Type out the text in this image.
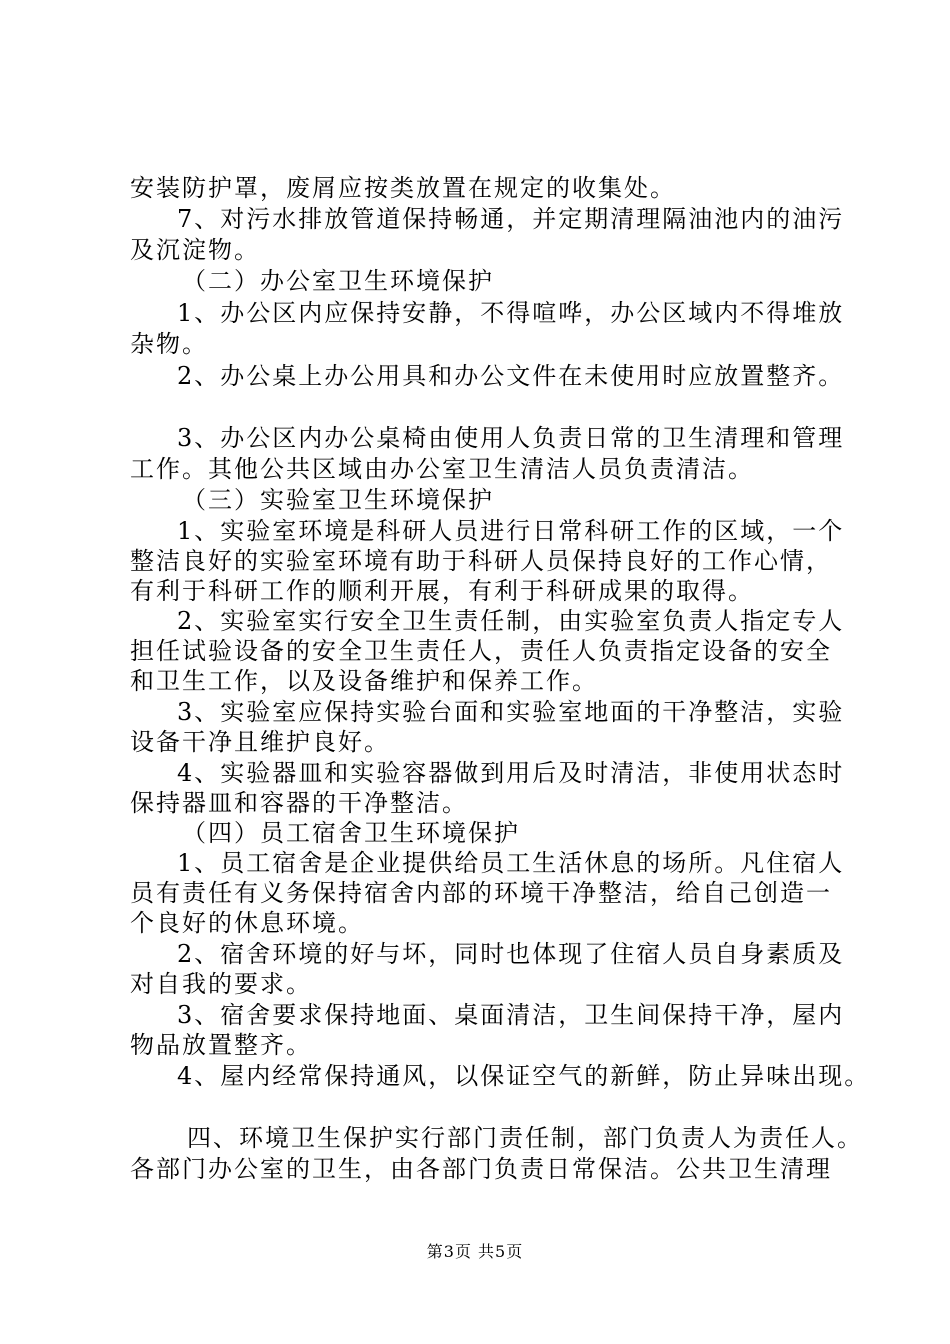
安装防护罩，废屑应按类放置在规定的收集处。
7、对污水排放管道保持畅通，并定期清理隔油池内的油污
及沉淀物。
（二）办公室卫生环境保护
1、办公区内应保持安静，不得喧哗，办公区域内不得堆放
杂物。
2、办公桌上办公用具和办公文件在未使用时应放置整齐。
3、办公区内办公桌椅由使用人负责日常的卫生清理和管理
工作。其他公共区域由办公室卫生清洁人员负责清洁。
（三）实验室卫生环境保护
1、实验室环境是科研人员进行日常科研工作的区域，一个
整洁良好的实验室环境有助于科研人员保持良好的工作心情，
有利于科研工作的顺利开展，有利于科研成果的取得。
2、实验室实行安全卫生责任制，由实验室负责人指定专人
担任试验设备的安全卫生责任人，责任人负责指定设备的安全
和卫生工作，以及设备维护和保养工作。
3、实验室应保持实验台面和实验室地面的干净整洁，实验
设备干净且维护良好。
4、实验器皿和实验容器做到用后及时清洁，非使用状态时
保持器皿和容器的干净整洁。
（四）员工宿舍卫生环境保护
1、员工宿舍是企业提供给员工生活休息的场所。凡住宿人
员有责任有义务保持宿舍内部的环境干净整洁，给自己创造一
个良好的休息环境。
2、宿舍环境的好与坏，同时也体现了住宿人员自身素质及
对自我的要求。
3、宿舍要求保持地面、桌面清洁，卫生间保持干净，屋内
物品放置整齐。
4、屋内经常保持通风，以保证空气的新鲜，防止异味出现。
四、环境卫生保护实行部门责任制，部门负责人为责任人。
各部门办公室的卫生，由各部门负责日常保洁。公共卫生清理
第3页 共5页
